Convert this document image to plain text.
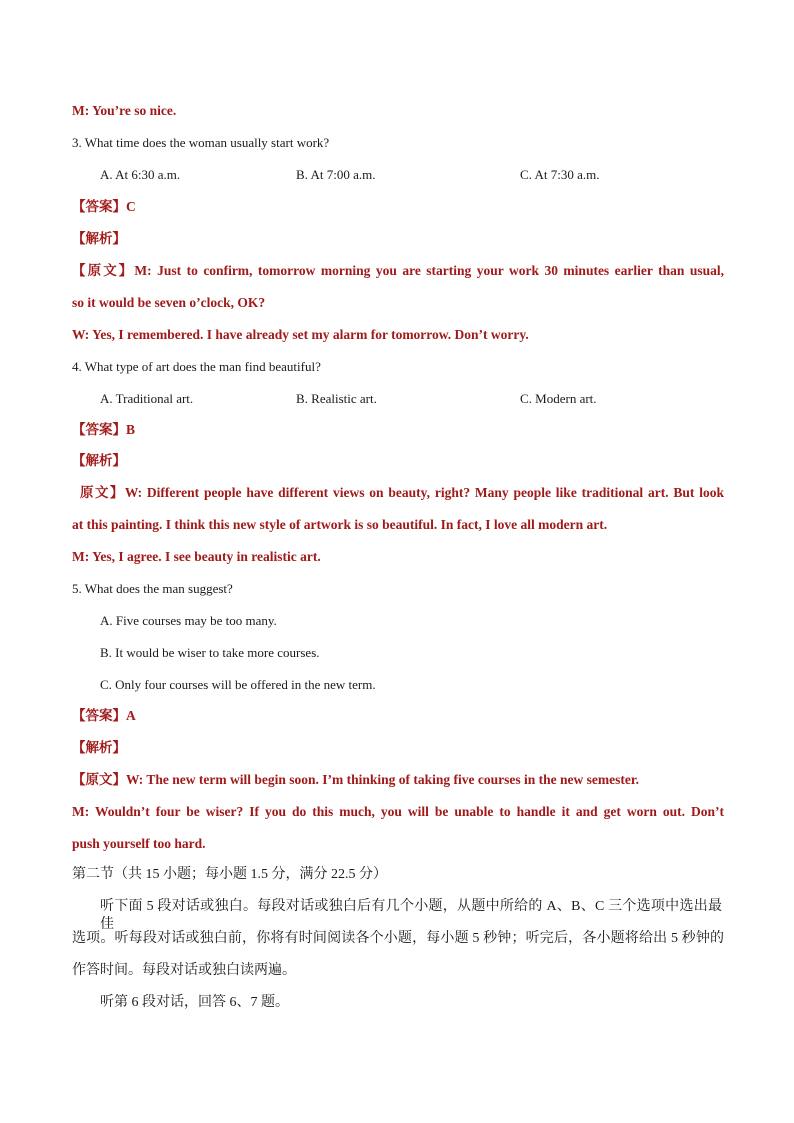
M: You’re so nice.
3. What time does the woman usually start work?
A. At 6:30 a.m.	B. At 7:00 a.m.	C. At 7:30 a.m.
【答案】C
【解析】
【原文】M: Just to confirm, tomorrow morning you are starting your work 30 minutes earlier than usual,
so it would be seven o’clock, OK?
W: Yes, I remembered. I have already set my alarm for tomorrow. Don’t worry.
4. What type of art does the man find beautiful?
A. Traditional art.	B. Realistic art.	C. Modern art.
【答案】B
【解析】
原文】W: Different people have different views on beauty, right? Many people like traditional art. But look
at this painting. I think this new style of artwork is so beautiful. In fact, I love all modern art.
M: Yes, I agree. I see beauty in realistic art.
5. What does the man suggest?
A. Five courses may be too many.
B. It would be wiser to take more courses.
C. Only four courses will be offered in the new term.
【答案】A
【解析】
【原文】W: The new term will begin soon. I’m thinking of taking five courses in the new semester.
M: Wouldn’t four be wiser? If you do this much, you will be unable to handle it and get worn out. Don’t
push yourself too hard.
第二节（共 15 小题；每小题 1.5 分，满分 22.5 分）
听下面 5 段对话或独白。每段对话或独白后有几个小题，从题中所给的 A、B、C 三个选项中选出最佳
选项。听每段对话或独白前，你将有时间阅读各个小题，每小题 5 秒钟；听完后，各小题将给出 5 秒钟的
作答时间。每段对话或独白读两遍。
听第 6 段对话，回答 6、7 题。
